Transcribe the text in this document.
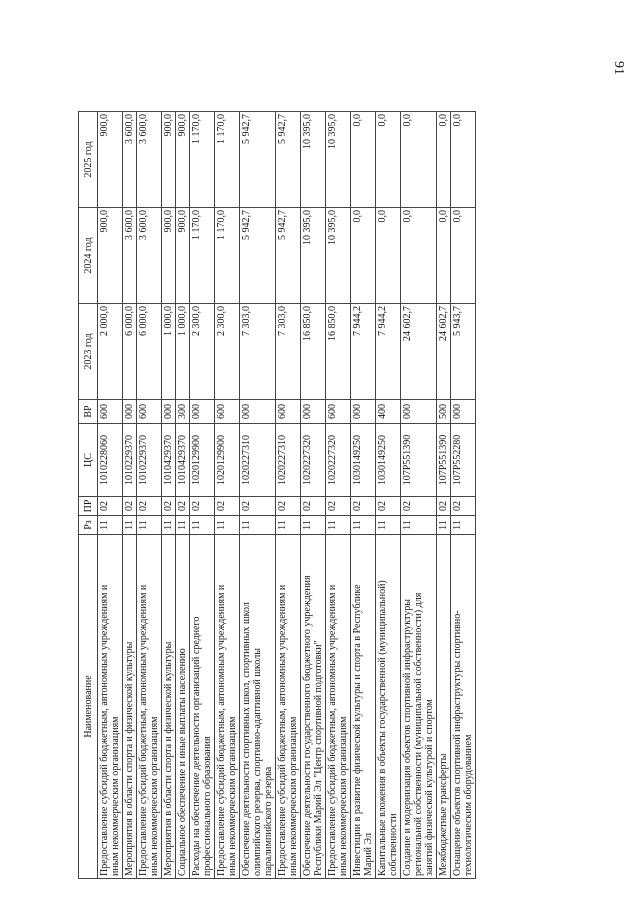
91
Наименование	Рз	ПР	ЦС	ВР	2023 год	2024 год	2025 год

Предоставление субсидий бюджетным, автономным учреждениям и иным некоммерческим организациям	11	02	1010228060	600	2 000,0	900,0	900,0

Мероприятия в области спорта и физической культуры	11	02	1010229370	000	6 000,0	3 600,0	3 600,0

Предоставление субсидий бюджетным, автономным учреждениям и иным некоммерческим организациям	11	02	1010229370	600	6 000,0	3 600,0	3 600,0

Мероприятия в области спорта и физической культуры	11	02	1010429370	000	1 000,0	900,0	900,0

Социальное обеспечение и иные выплаты населению	11	02	1010429370	300	1 000,0	900,0	900,0

Расходы на обеспечение деятельности организаций среднего профессионального образования	11	02	1020129900	000	2 300,0	1 170,0	1 170,0

Предоставление субсидий бюджетным, автономным учреждениям и иным некоммерческим организациям	11	02	1020129900	600	2 300,0	1 170,0	1 170,0

Обеспечение деятельности спортивных школ, спортивных школ олимпийского резерва, спортивно-адаптивной школы паралимпийского резерва	11	02	1020227310	000	7 303,0	5 942,7	5 942,7

Предоставление субсидий бюджетным, автономным учреждениям и иным некоммерческим организациям	11	02	1020227310	600	7 303,0	5 942,7	5 942,7

Обеспечение деятельности государственного бюджетного учреждения Республики Марий Эл "Центр спортивной подготовки"	11	02	1020227320	000	16 850,0	10 395,0	10 395,0

Предоставление субсидий бюджетным, автономным учреждениям и иным некоммерческим организациям	11	02	1020227320	600	16 850,0	10 395,0	10 395,0

Инвестиции в развитие физической культуры и спорта в Республике Марий Эл	11	02	1030149250	000	7 944,2	0,0	0,0

Капитальные вложения в объекты государственной (муниципальной) собственности	11	02	1030149250	400	7 944,2	0,0	0,0

Создание и модернизация объектов спортивной инфраструктуры региональной собственности (муниципальной собственности) для занятий физической культурой и спортом	11	02	107P551390	000	24 602,7	0,0	0,0

Межбюджетные трансферты	11	02	107P551390	500	24 602,7	0,0	0,0

Оснащение объектов спортивной инфраструктуры спортивно- технологическим оборудованием	11	02	107P552280	000	5 943,7	0,0	0,0
